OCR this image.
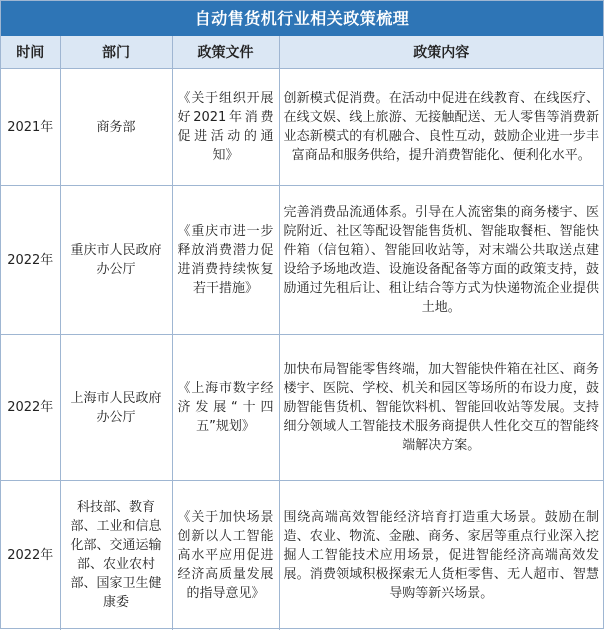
自动售货机行业相关政策梳理
时间	部门	政策文件	政策内容
2021年	商务部	《关于组织开展好2021年消费促进活动的通知》	创新模式促消费。在活动中促进在线教育、在线医疗、在线文娱、线上旅游、无接触配送、无人零售等消费新业态新模式的有机融合、良性互动，鼓励企业进一步丰富商品和服务供给，提升消费智能化、便利化水平。
2022年	重庆市人民政府办公厅	《重庆市进一步释放消费潜力促进消费持续恢复若干措施》	完善消费品流通体系。引导在人流密集的商务楼宇、医院附近、社区等配设智能售货机、智能取餐柜、智能快件箱（信包箱）、智能回收站等，对末端公共取送点建设给予场地改造、设施设备配备等方面的政策支持，鼓励通过先租后让、租让结合等方式为快递物流企业提供土地。
2022年	上海市人民政府办公厅	《上海市数字经济发展“十四五”规划》	加快布局智能零售终端，加大智能快件箱在社区、商务楼宇、医院、学校、机关和园区等场所的布设力度，鼓励智能售货机、智能饮料机、智能回收站等发展。支持细分领域人工智能技术服务商提供人性化交互的智能终端解决方案。
2022年	科技部、教育部、工业和信息化部、交通运输部、农业农村部、国家卫生健康委	《关于加快场景创新以人工智能高水平应用促进经济高质量发展的指导意见》	围绕高端高效智能经济培育打造重大场景。鼓励在制造、农业、物流、金融、商务、家居等重点行业深入挖掘人工智能技术应用场景，促进智能经济高端高效发展。消费领域积极探索无人货柜零售、无人超市、智慧导购等新兴场景。
